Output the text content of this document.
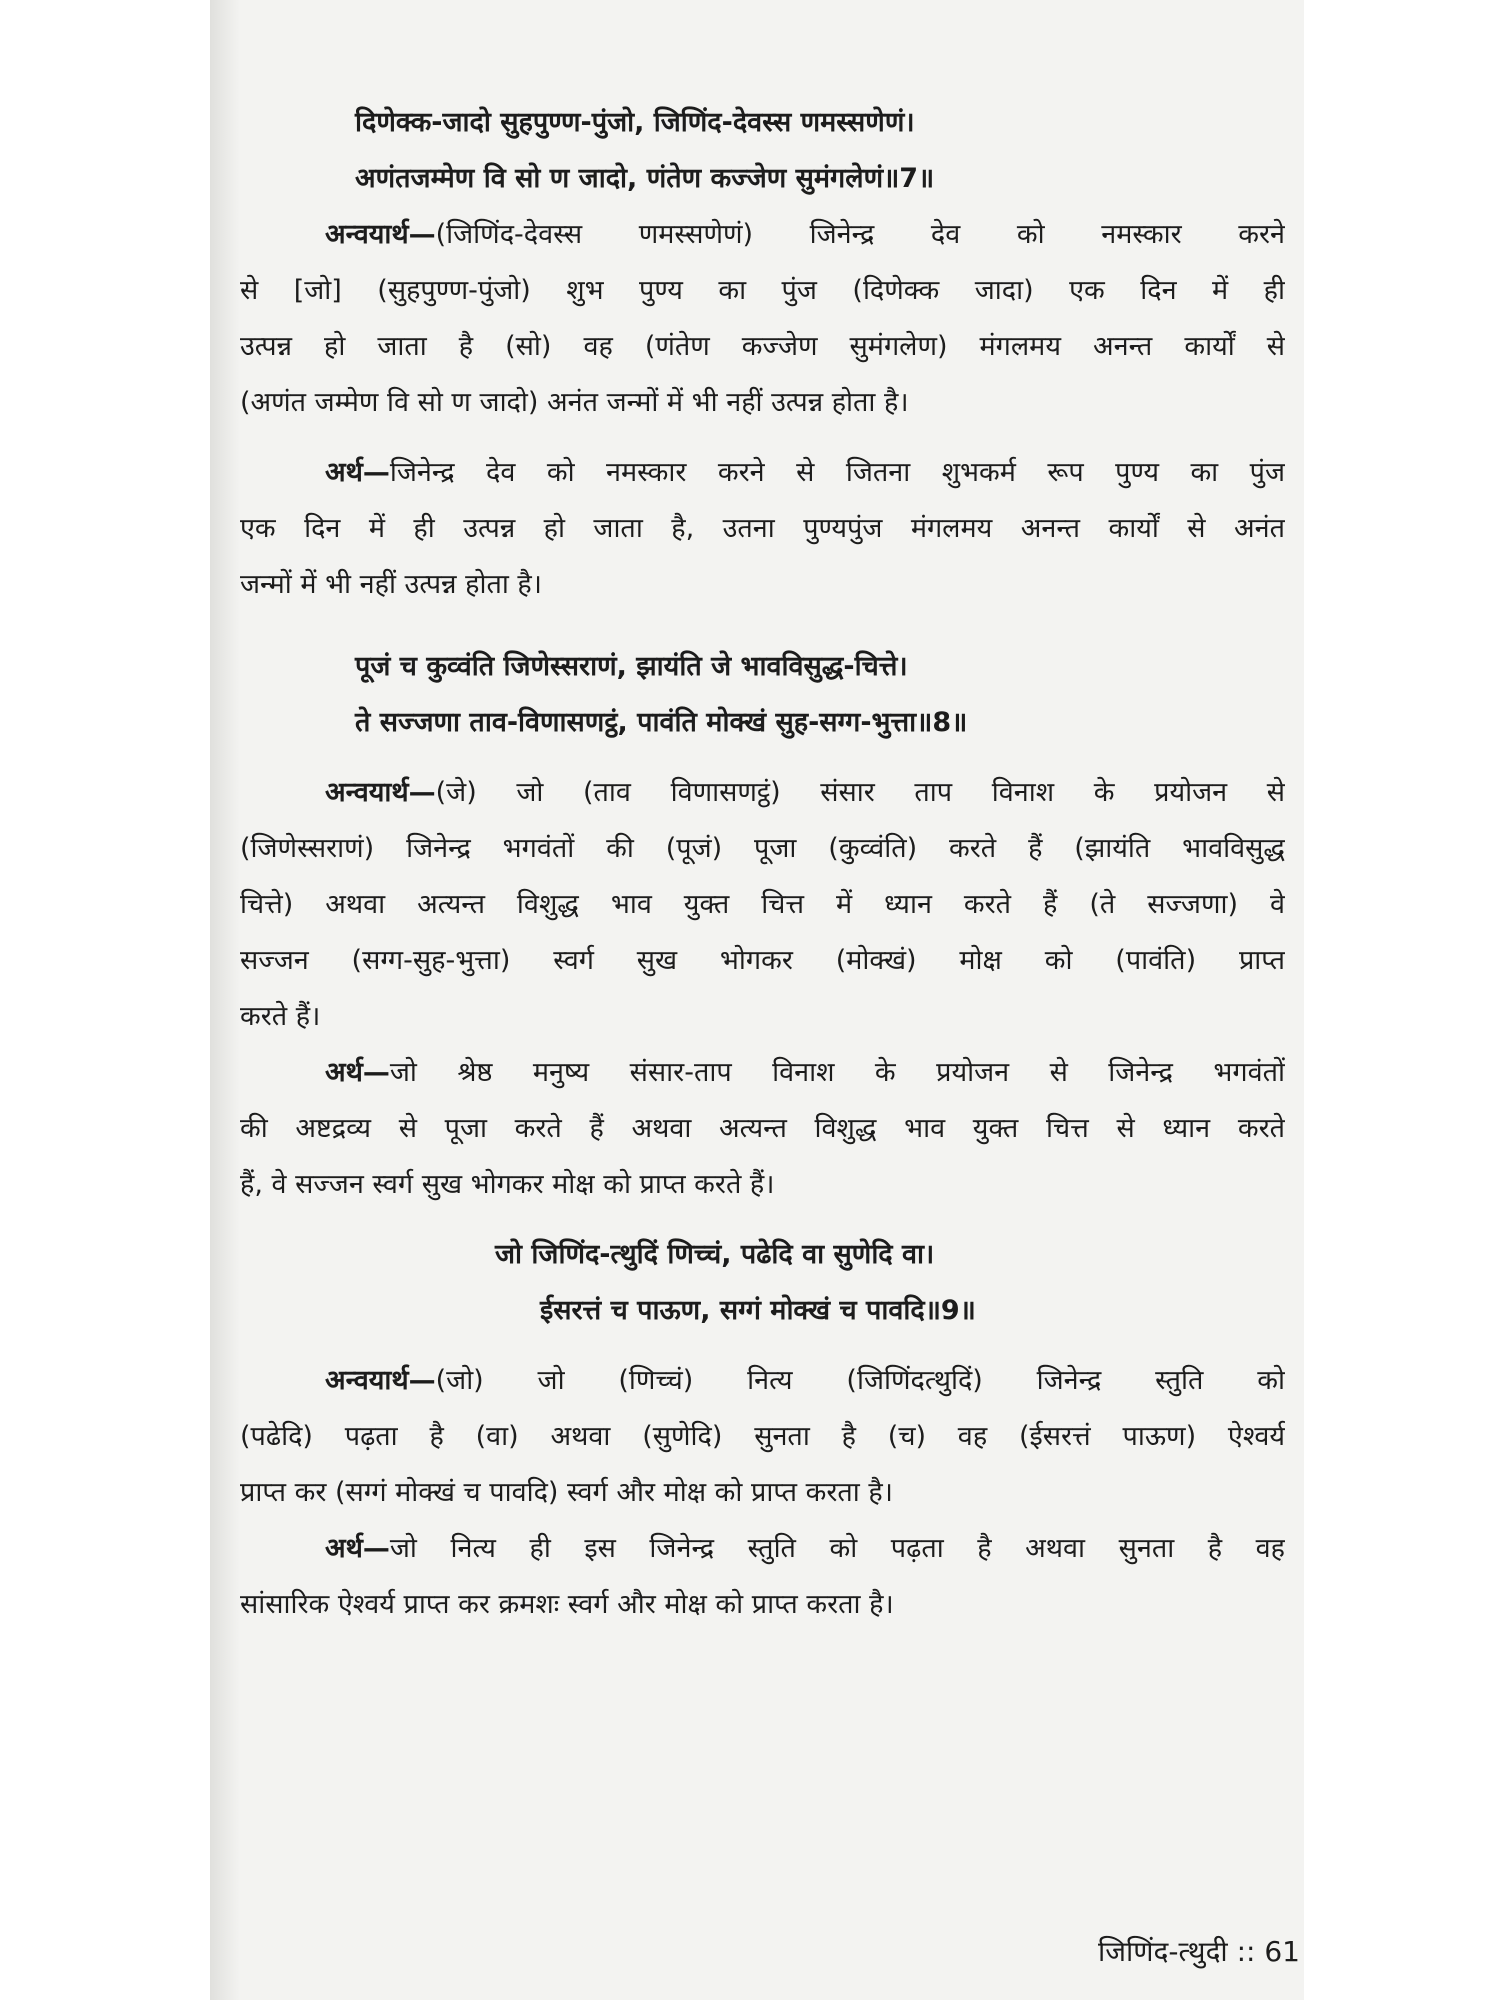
दिणेक्क-जादो सुहपुण्ण-पुंजो, जिणिंद-देवस्स णमस्सणेणं।
अणंतजम्मेण वि सो ण जादो, णंतेण कज्जेण सुमंगलेणं॥7॥
अन्वयार्थ—(जिणिंद-देवस्स णमस्सणेणं) जिनेन्द्र देव को नमस्कार करने
से [जो] (सुहपुण्ण-पुंजो) शुभ पुण्य का पुंज (दिणेक्क जादा) एक दिन में ही
उत्पन्न हो जाता है (सो) वह (णंतेण कज्जेण सुमंगलेण) मंगलमय अनन्त कार्यों से
(अणंत जम्मेण वि सो ण जादो) अनंत जन्मों में भी नहीं उत्पन्न होता है।
अर्थ—जिनेन्द्र देव को नमस्कार करने से जितना शुभकर्म रूप पुण्य का पुंज
एक दिन में ही उत्पन्न हो जाता है, उतना पुण्यपुंज मंगलमय अनन्त कार्यों से अनंत
जन्मों में भी नहीं उत्पन्न होता है।
पूजं च कुव्वंति जिणेस्सराणं, झायंति जे भावविसुद्ध-चित्ते।
ते सज्जणा ताव-विणासणट्ठं, पावंति मोक्खं सुह-सग्ग-भुत्ता॥8॥
अन्वयार्थ—(जे) जो (ताव विणासणट्ठं) संसार ताप विनाश के प्रयोजन से
(जिणेस्सराणं) जिनेन्द्र भगवंतों की (पूजं) पूजा (कुव्वंति) करते हैं (झायंति भावविसुद्ध
चित्ते) अथवा अत्यन्त विशुद्ध भाव युक्त चित्त में ध्यान करते हैं (ते सज्जणा) वे
सज्जन (सग्ग-सुह-भुत्ता) स्वर्ग सुख भोगकर (मोक्खं) मोक्ष को (पावंति) प्राप्त
करते हैं।
अर्थ—जो श्रेष्ठ मनुष्य संसार-ताप विनाश के प्रयोजन से जिनेन्द्र भगवंतों
की अष्टद्रव्य से पूजा करते हैं अथवा अत्यन्त विशुद्ध भाव युक्त चित्त से ध्यान करते
हैं, वे सज्जन स्वर्ग सुख भोगकर मोक्ष को प्राप्त करते हैं।
जो जिणिंद-त्थुदिं णिच्चं, पढेदि वा सुणेदि वा।
ईसरत्तं च पाऊण, सग्गं मोक्खं च पावदि॥9॥
अन्वयार्थ—(जो) जो (णिच्चं) नित्य (जिणिंदत्थुदिं) जिनेन्द्र स्तुति को
(पढेदि) पढ़ता है (वा) अथवा (सुणेदि) सुनता है (च) वह (ईसरत्तं पाऊण) ऐश्वर्य
प्राप्त कर (सग्गं मोक्खं च पावदि) स्वर्ग और मोक्ष को प्राप्त करता है।
अर्थ—जो नित्य ही इस जिनेन्द्र स्तुति को पढ़ता है अथवा सुनता है वह
सांसारिक ऐश्वर्य प्राप्त कर क्रमशः स्वर्ग और मोक्ष को प्राप्त करता है।
जिणिंद-त्थुदी :: 61
